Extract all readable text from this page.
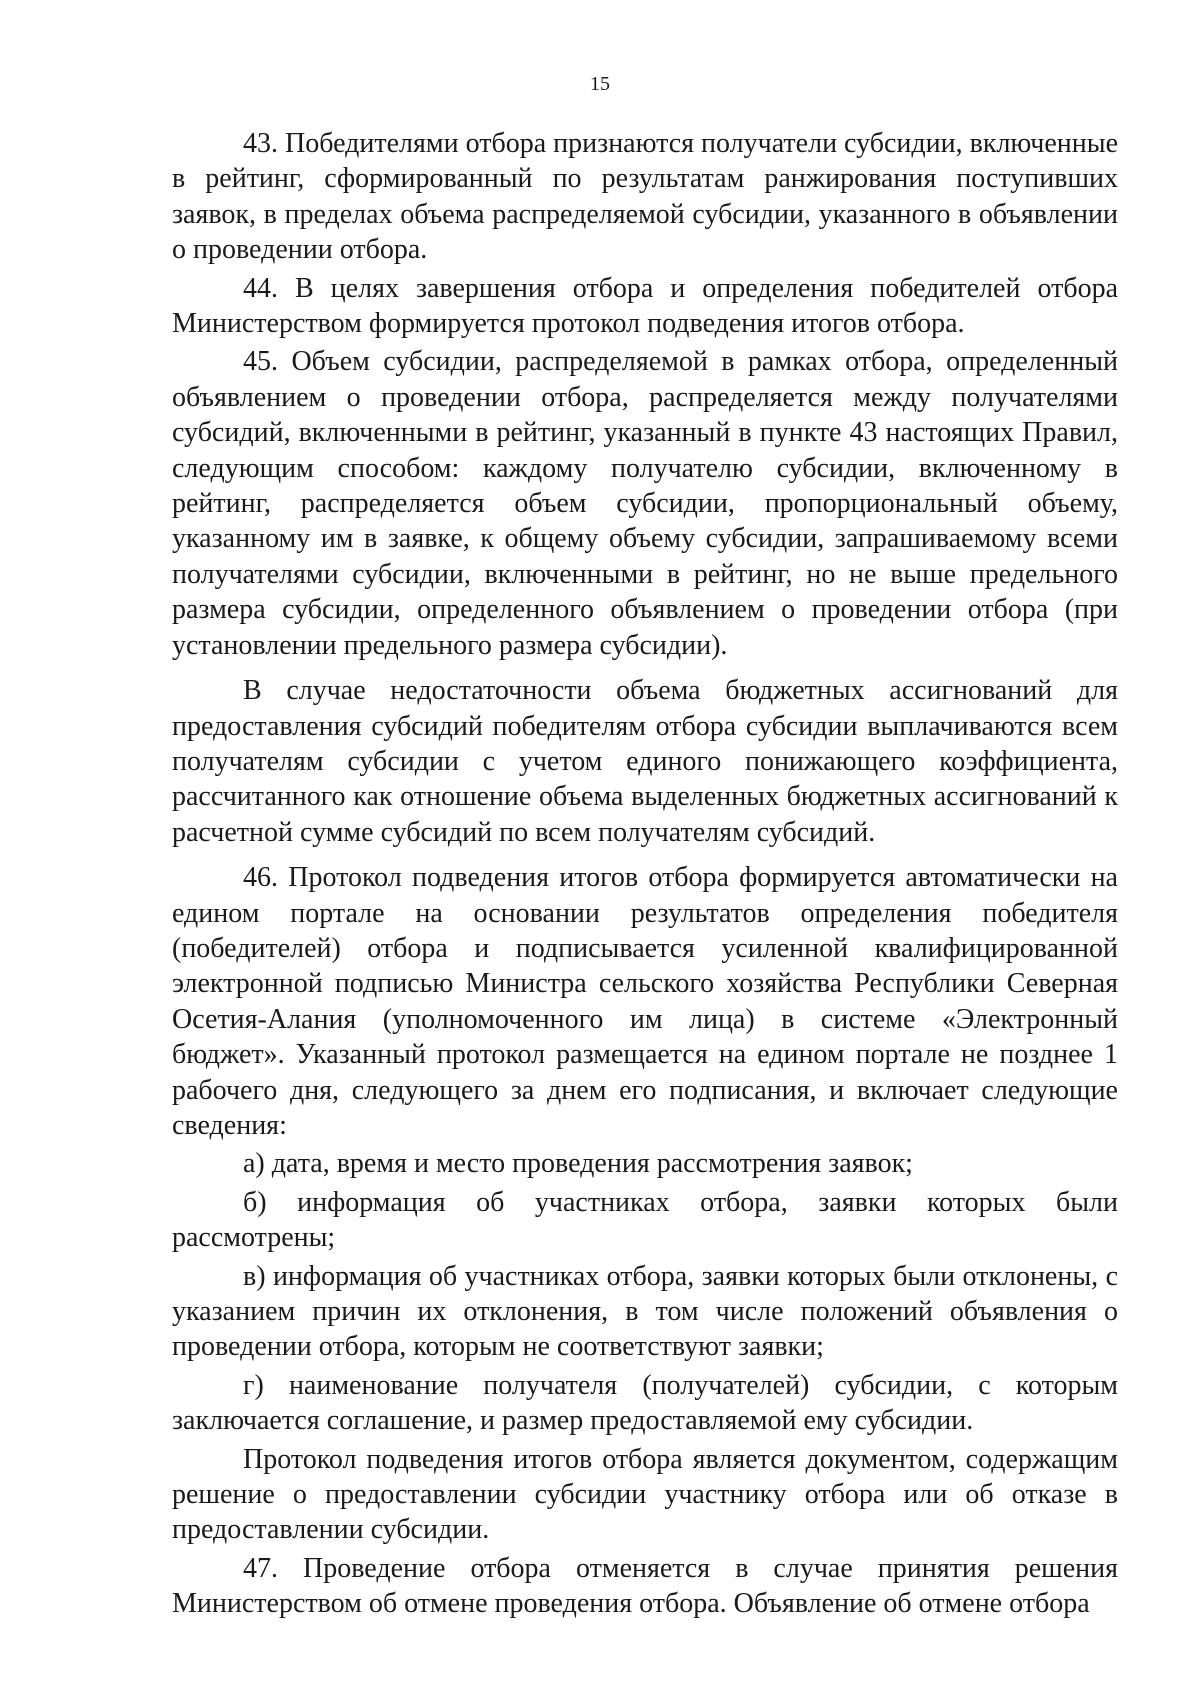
15

43. Победителями отбора признаются получатели субсидии, включенные в рейтинг, сформированный по результатам ранжирования поступивших заявок, в пределах объема распределяемой субсидии, указанного в объявлении о проведении отбора.

44. В целях завершения отбора и определения победителей отбора Министерством формируется протокол подведения итогов отбора.

45. Объем субсидии, распределяемой в рамках отбора, определенный объявлением о проведении отбора, распределяется между получателями субсидий, включенными в рейтинг, указанный в пункте 43 настоящих Правил, следующим способом: каждому получателю субсидии, включенному в рейтинг, распределяется объем субсидии, пропорциональный объему, указанному им в заявке, к общему объему субсидии, запрашиваемому всеми получателями субсидии, включенными в рейтинг, но не выше предельного размера субсидии, определенного объявлением о проведении отбора (при установлении предельного размера субсидии).

В случае недостаточности объема бюджетных ассигнований для предоставления субсидий победителям отбора субсидии выплачиваются всем получателям субсидии с учетом единого понижающего коэффициента, рассчитанного как отношение объема выделенных бюджетных ассигнований к расчетной сумме субсидий по всем получателям субсидий.

46. Протокол подведения итогов отбора формируется автоматически на едином портале на основании результатов определения победителя (победителей) отбора и подписывается усиленной квалифицированной электронной подписью Министра сельского хозяйства Республики Северная Осетия-Алания (уполномоченного им лица) в системе «Электронный бюджет». Указанный протокол размещается на едином портале не позднее 1 рабочего дня, следующего за днем его подписания, и включает следующие сведения:

а) дата, время и место проведения рассмотрения заявок;

б) информация об участниках отбора, заявки которых были рассмотрены;

в) информация об участниках отбора, заявки которых были отклонены, с указанием причин их отклонения, в том числе положений объявления о проведении отбора, которым не соответствуют заявки;

г) наименование получателя (получателей) субсидии, с которым заключается соглашение, и размер предоставляемой ему субсидии.

Протокол подведения итогов отбора является документом, содержащим решение о предоставлении субсидии участнику отбора или об отказе в предоставлении субсидии.

47. Проведение отбора отменяется в случае принятия решения Министерством об отмене проведения отбора. Объявление об отмене отбора
